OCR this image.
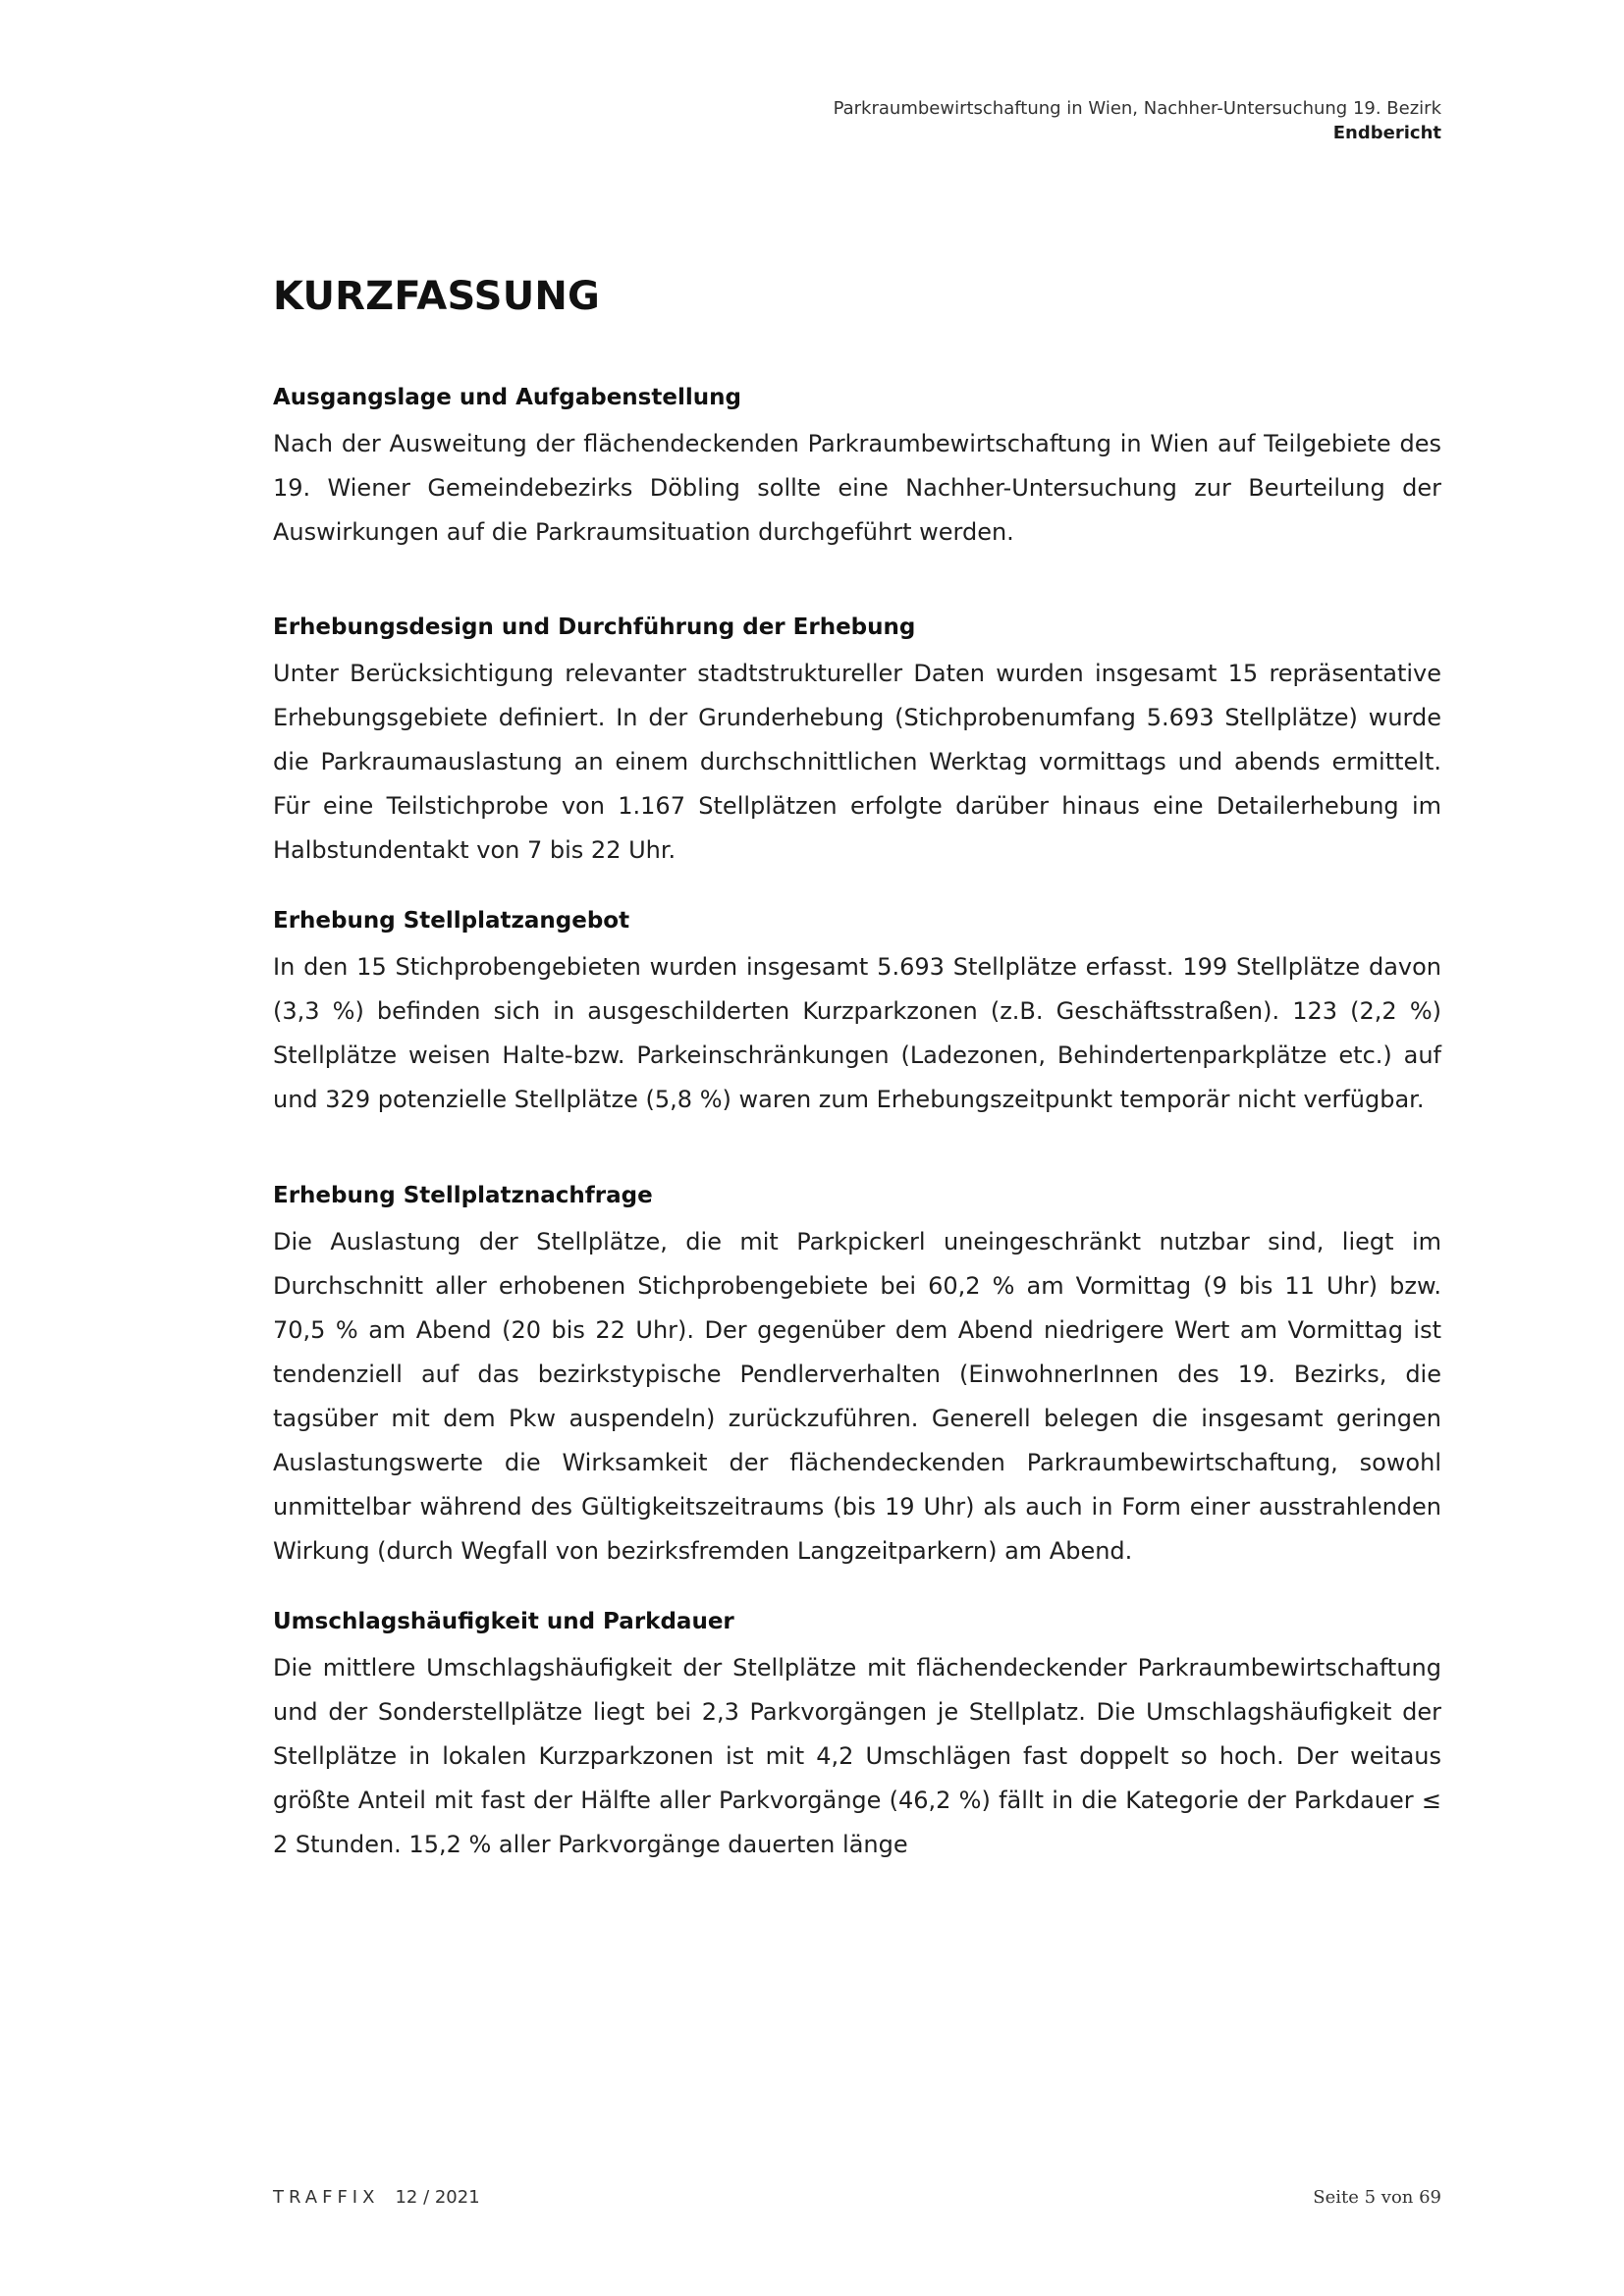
Parkraumbewirtschaftung in Wien, Nachher-Untersuchung 19. Bezirk
Endbericht
KURZFASSUNG
Ausgangslage und Aufgabenstellung

Nach der Ausweitung der flächendeckenden Parkraumbewirtschaftung in Wien auf Teilgebiete des 19. Wiener Gemeindebezirks Döbling sollte eine Nachher-Untersuchung zur Beurteilung der Auswirkungen auf die Parkraumsituation durchgeführt werden.

Erhebungsdesign und Durchführung der Erhebung

Unter Berücksichtigung relevanter stadtstruktureller Daten wurden insgesamt 15 repräsentative Erhebungsgebiete definiert. In der Grunderhebung (Stichprobenumfang 5.693 Stellplätze) wurde die Parkraumauslastung an einem durchschnittlichen Werktag vormittags und abends ermittelt. Für eine Teilstichprobe von 1.167 Stellplätzen erfolgte darüber hinaus eine Detailerhebung im Halbstundentakt von 7 bis 22 Uhr.

Erhebung Stellplatzangebot

In den 15 Stichprobengebieten wurden insgesamt 5.693 Stellplätze erfasst. 199 Stellplätze davon (3,3 %) befinden sich in ausgeschilderten Kurzparkzonen (z.B. Geschäftsstraßen). 123 (2,2 %) Stellplätze weisen Halte-bzw. Parkeinschränkungen (Ladezonen, Behindertenparkplätze etc.) auf und 329 potenzielle Stellplätze (5,8 %) waren zum Erhebungszeitpunkt temporär nicht verfügbar.

Erhebung Stellplatznachfrage

Die Auslastung der Stellplätze, die mit Parkpickerl uneingeschränkt nutzbar sind, liegt im Durchschnitt aller erhobenen Stichprobengebiete bei 60,2 % am Vormittag (9 bis 11 Uhr) bzw. 70,5 % am Abend (20 bis 22 Uhr). Der gegenüber dem Abend niedrigere Wert am Vormittag ist tendenziell auf das bezirkstypische Pendlerverhalten (EinwohnerInnen des 19. Bezirks, die tagsüber mit dem Pkw auspendeln) zurückzuführen. Generell belegen die insgesamt geringen Auslastungswerte die Wirksamkeit der flächendeckenden Parkraumbewirtschaftung, sowohl unmittelbar während des Gültigkeitszeitraums (bis 19 Uhr) als auch in Form einer ausstrahlenden Wirkung (durch Wegfall von bezirksfremden Langzeitparkern) am Abend.

Umschlagshäufigkeit und Parkdauer

Die mittlere Umschlagshäufigkeit der Stellplätze mit flächendeckender Parkraumbewirtschaftung und der Sonderstellplätze liegt bei 2,3 Parkvorgängen je Stellplatz. Die Umschlagshäufigkeit der Stellplätze in lokalen Kurzparkzonen ist mit 4,2 Umschlägen fast doppelt so hoch. Der weitaus größte Anteil mit fast der Hälfte aller Parkvorgänge (46,2 %) fällt in die Kategorie der Parkdauer ≤ 2 Stunden. 15,2 % aller Parkvorgänge dauerten länge

TRAFFIX 12 / 2021	Seite 5 von 69
